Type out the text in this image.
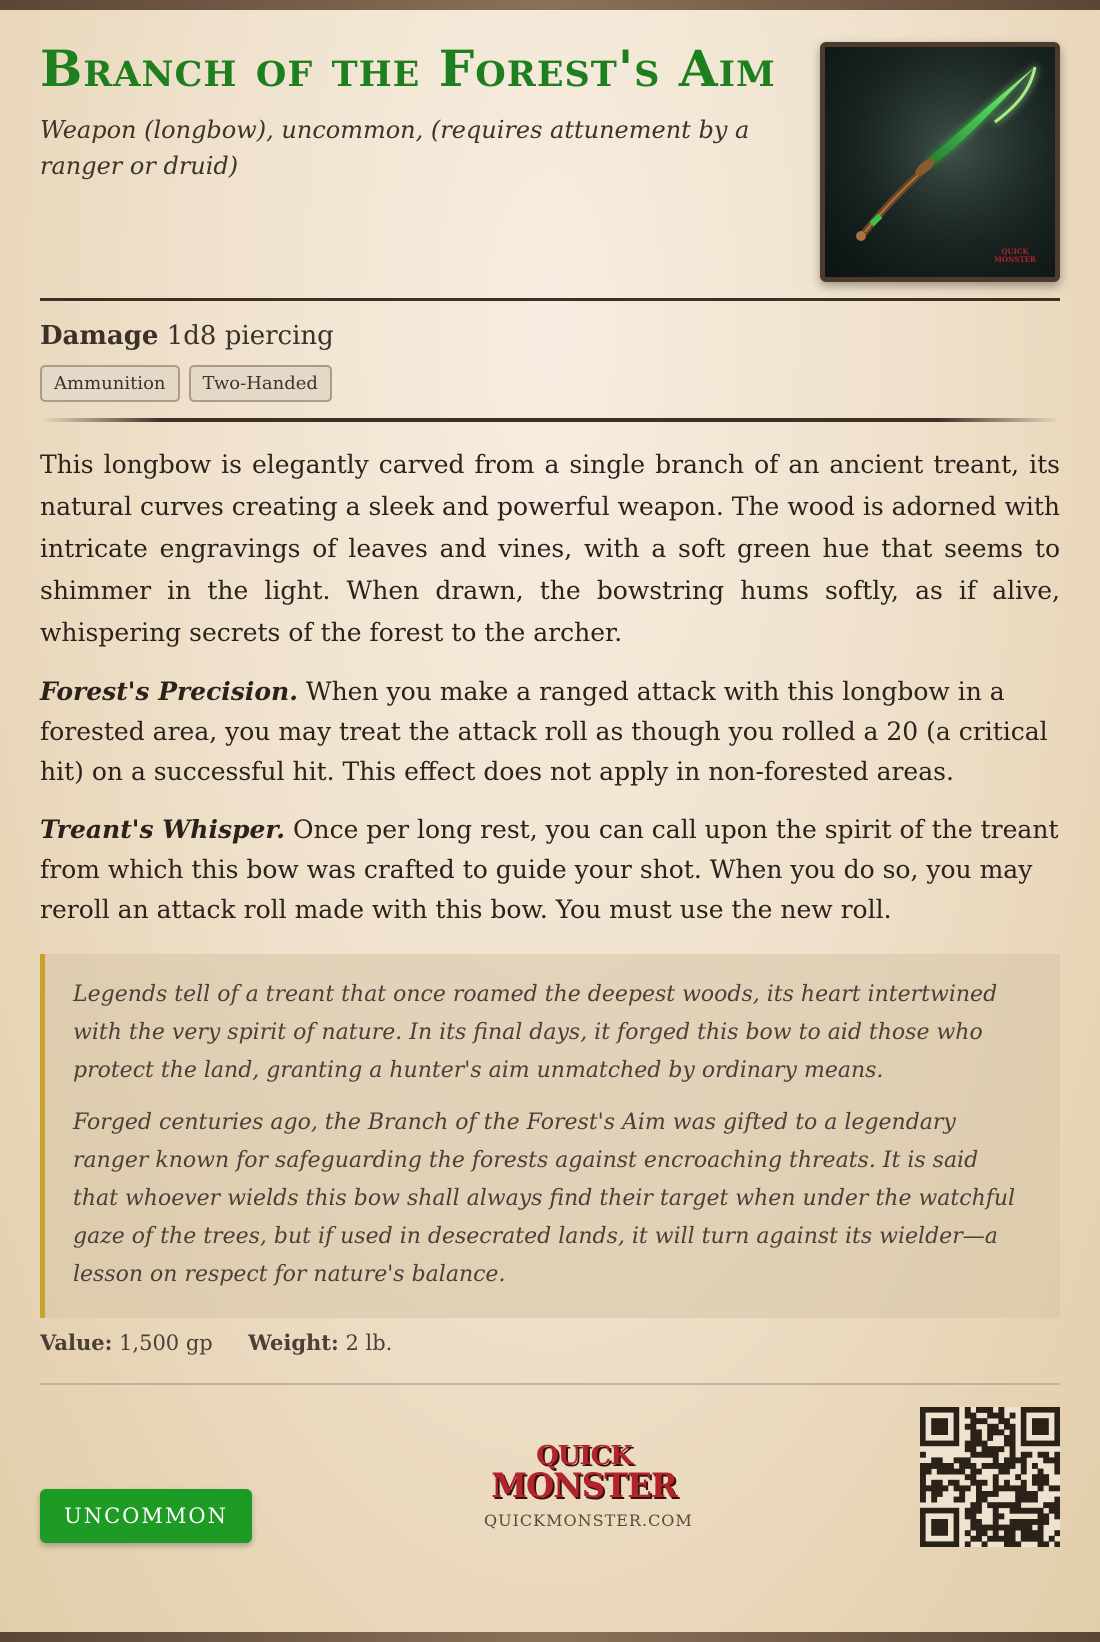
Branch of the Forest's Aim
Weapon (longbow), uncommon, (requires attunement by a ranger or druid)
QUICK
MONSTER
Damage 1d8 piercing
Ammunition	Two-Handed

This longbow is elegantly carved from a single branch of an ancient treant, its natural curves creating a sleek and powerful weapon. The wood is adorned with intricate engravings of leaves and vines, with a soft green hue that seems to shimmer in the light. When drawn, the bowstring hums softly, as if alive, whispering secrets of the forest to the archer.

Forest's Precision. When you make a ranged attack with this longbow in a forested area, you may treat the attack roll as though you rolled a 20 (a critical hit) on a successful hit. This effect does not apply in non-forested areas.

Treant's Whisper. Once per long rest, you can call upon the spirit of the treant from which this bow was crafted to guide your shot. When you do so, you may reroll an attack roll made with this bow. You must use the new roll.

Legends tell of a treant that once roamed the deepest woods, its heart intertwined with the very spirit of nature. In its final days, it forged this bow to aid those who protect the land, granting a hunter's aim unmatched by ordinary means.

Forged centuries ago, the Branch of the Forest's Aim was gifted to a legendary ranger known for safeguarding the forests against encroaching threats. It is said that whoever wields this bow shall always find their target when under the watchful gaze of the trees, but if used in desecrated lands, it will turn against its wielder—a lesson on respect for nature's balance.

Value: 1,500 gp Weight: 2 lb.
UNCOMMON
QUICK
MONSTER
QUICKMONSTER.COM
